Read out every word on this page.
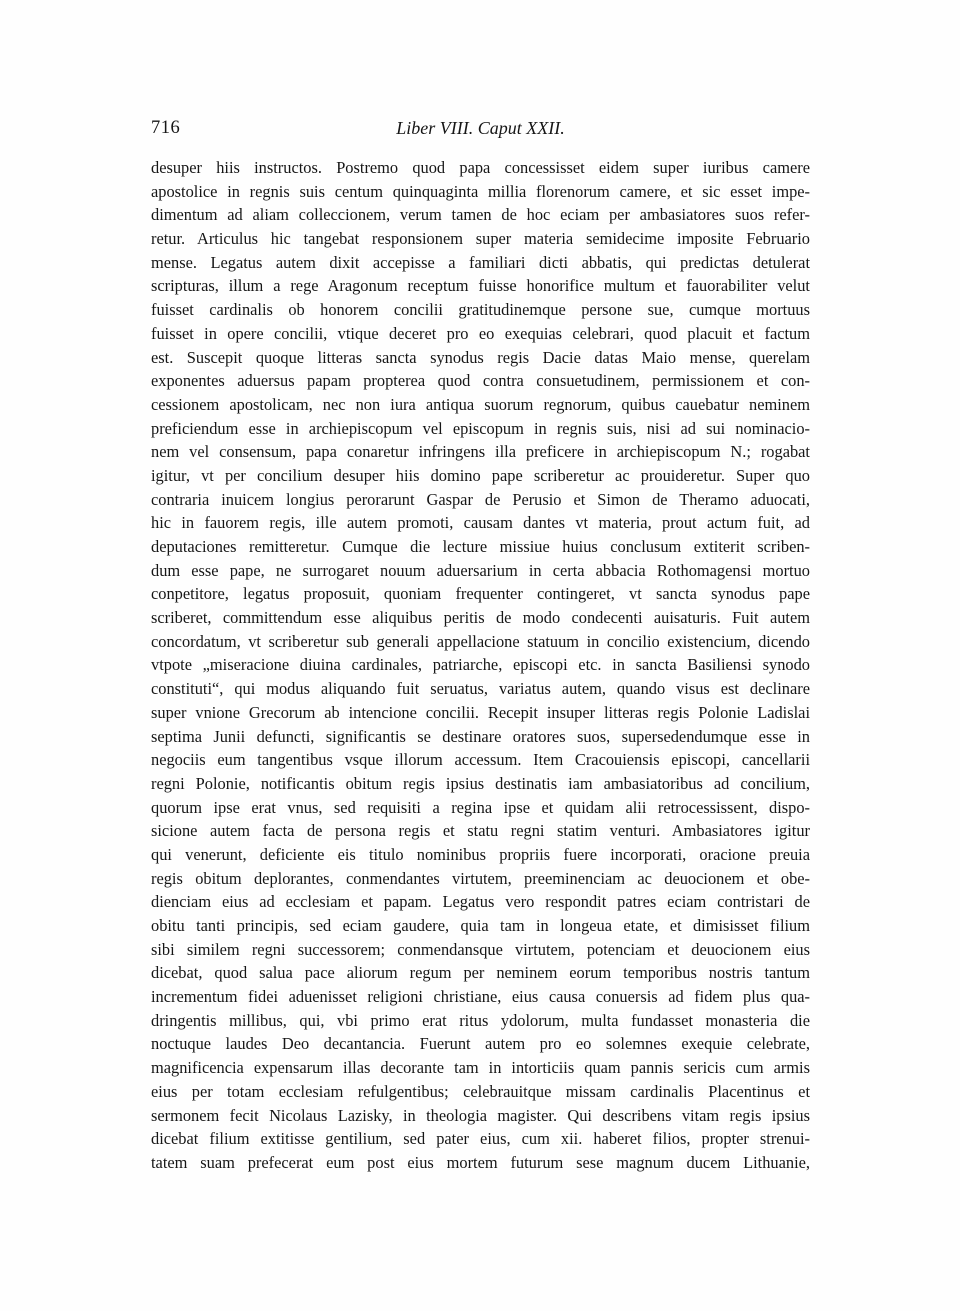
716	Liber VIII. Caput XXII.
desuper hiis instructos. Postremo quod papa concessisset eidem super iuribus camere
apostolice in regnis suis centum quinquaginta millia florenorum camere, et sic esset impe-
dimentum ad aliam colleccionem, verum tamen de hoc eciam per ambasiatores suos refer-
retur. Articulus hic tangebat responsionem super materia semidecime imposite Februario
mense. Legatus autem dixit accepisse a familiari dicti abbatis, qui predictas detulerat
scripturas, illum a rege Aragonum receptum fuisse honorifice multum et fauorabiliter velut
fuisset cardinalis ob honorem concilii gratitudinemque persone sue, cumque mortuus
fuisset in opere concilii, vtique deceret pro eo exequias celebrari, quod placuit et factum
est. Suscepit quoque litteras sancta synodus regis Dacie datas Maio mense, querelam
exponentes aduersus papam propterea quod contra consuetudinem, permissionem et con-
cessionem apostolicam, nec non iura antiqua suorum regnorum, quibus cauebatur neminem
preficiendum esse in archiepiscopum vel episcopum in regnis suis, nisi ad sui nominacio-
nem vel consensum, papa conaretur infringens illa preficere in archiepiscopum N.; rogabat
igitur, vt per concilium desuper hiis domino pape scriberetur ac prouideretur. Super quo
contraria inuicem longius perorarunt Gaspar de Perusio et Simon de Theramo aduocati,
hic in fauorem regis, ille autem promoti, causam dantes vt materia, prout actum fuit, ad
deputaciones remitteretur. Cumque die lecture missiue huius conclusum extiterit scriben-
dum esse pape, ne surrogaret nouum aduersarium in certa abbacia Rothomagensi mortuo
conpetitore, legatus proposuit, quoniam frequenter contingeret, vt sancta synodus pape
scriberet, committendum esse aliquibus peritis de modo condecenti auisaturis. Fuit autem
concordatum, vt scriberetur sub generali appellacione statuum in concilio existencium, dicendo
vtpote „miseracione diuina cardinales, patriarche, episcopi etc. in sancta Basiliensi synodo
constituti“, qui modus aliquando fuit seruatus, variatus autem, quando visus est declinare
super vnione Grecorum ab intencione concilii. Recepit insuper litteras regis Polonie Ladislai
septima Junii defuncti, significantis se destinare oratores suos, supersedendumque esse in
negociis eum tangentibus vsque illorum accessum. Item Cracouiensis episcopi, cancellarii
regni Polonie, notificantis obitum regis ipsius destinatis iam ambasiatoribus ad concilium,
quorum ipse erat vnus, sed requisiti a regina ipse et quidam alii retrocessissent, dispo-
sicione autem facta de persona regis et statu regni statim venturi. Ambasiatores igitur
qui venerunt, deficiente eis titulo nominibus propriis fuere incorporati, oracione preuia
regis obitum deplorantes, conmendantes virtutem, preeminenciam ac deuocionem et obe-
dienciam eius ad ecclesiam et papam. Legatus vero respondit patres eciam contristari de
obitu tanti principis, sed eciam gaudere, quia tam in longeua etate, et dimisisset filium
sibi similem regni successorem; conmendansque virtutem, potenciam et deuocionem eius
dicebat, quod salua pace aliorum regum per neminem eorum temporibus nostris tantum
incrementum fidei aduenisset religioni christiane, eius causa conuersis ad fidem plus qua-
dringentis millibus, qui, vbi primo erat ritus ydolorum, multa fundasset monasteria die
noctuque laudes Deo decantancia. Fuerunt autem pro eo solemnes exequie celebrate,
magnificencia expensarum illas decorante tam in intorticiis quam pannis sericis cum armis
eius per totam ecclesiam refulgentibus; celebrauitque missam cardinalis Placentinus et
sermonem fecit Nicolaus Lazisky, in theologia magister. Qui describens vitam regis ipsius
dicebat filium extitisse gentilium, sed pater eius, cum xii. haberet filios, propter strenui-
tatem suam prefecerat eum post eius mortem futurum sese magnum ducem Lithuanie,
